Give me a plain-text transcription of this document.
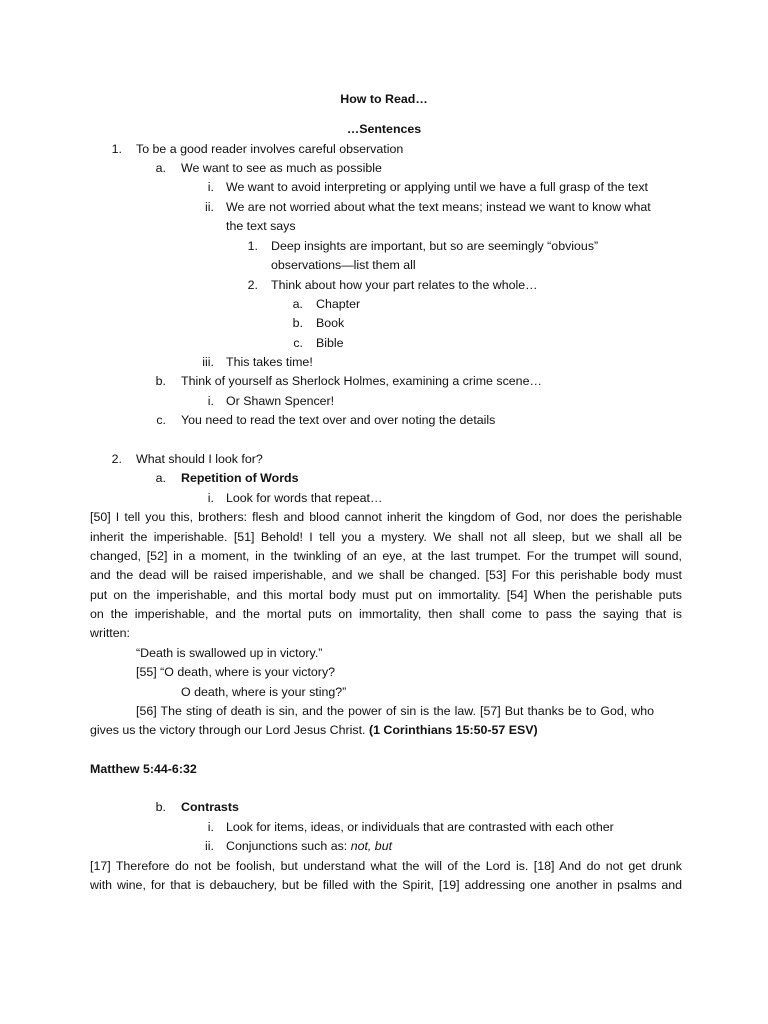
How to Read…
…Sentences
1. To be a good reader involves careful observation
a. We want to see as much as possible
i. We want to avoid interpreting or applying until we have a full grasp of the text
ii. We are not worried about what the text means; instead we want to know what
the text says
1. Deep insights are important, but so are seemingly “obvious”
observations—list them all
2. Think about how your part relates to the whole…
a. Chapter
b. Book
c. Bible
iii. This takes time!
b. Think of yourself as Sherlock Holmes, examining a crime scene…
i. Or Shawn Spencer!
c. You need to read the text over and over noting the details
2. What should I look for?
a. Repetition of Words
i. Look for words that repeat…
[50] I tell you this, brothers: flesh and blood cannot inherit the kingdom of God, nor does the perishable
inherit the imperishable. [51] Behold! I tell you a mystery. We shall not all sleep, but we shall all be
changed, [52] in a moment, in the twinkling of an eye, at the last trumpet. For the trumpet will sound,
and the dead will be raised imperishable, and we shall be changed. [53] For this perishable body must
put on the imperishable, and this mortal body must put on immortality. [54] When the perishable puts
on the imperishable, and the mortal puts on immortality, then shall come to pass the saying that is
written:
“Death is swallowed up in victory.”
[55] “O death, where is your victory?
O death, where is your sting?”
[56] The sting of death is sin, and the power of sin is the law. [57] But thanks be to God, who
gives us the victory through our Lord Jesus Christ. (1 Corinthians 15:50-57 ESV)
Matthew 5:44-6:32
b. Contrasts
i. Look for items, ideas, or individuals that are contrasted with each other
ii. Conjunctions such as: not, but
[17] Therefore do not be foolish, but understand what the will of the Lord is. [18] And do not get drunk
with wine, for that is debauchery, but be filled with the Spirit, [19] addressing one another in psalms and
